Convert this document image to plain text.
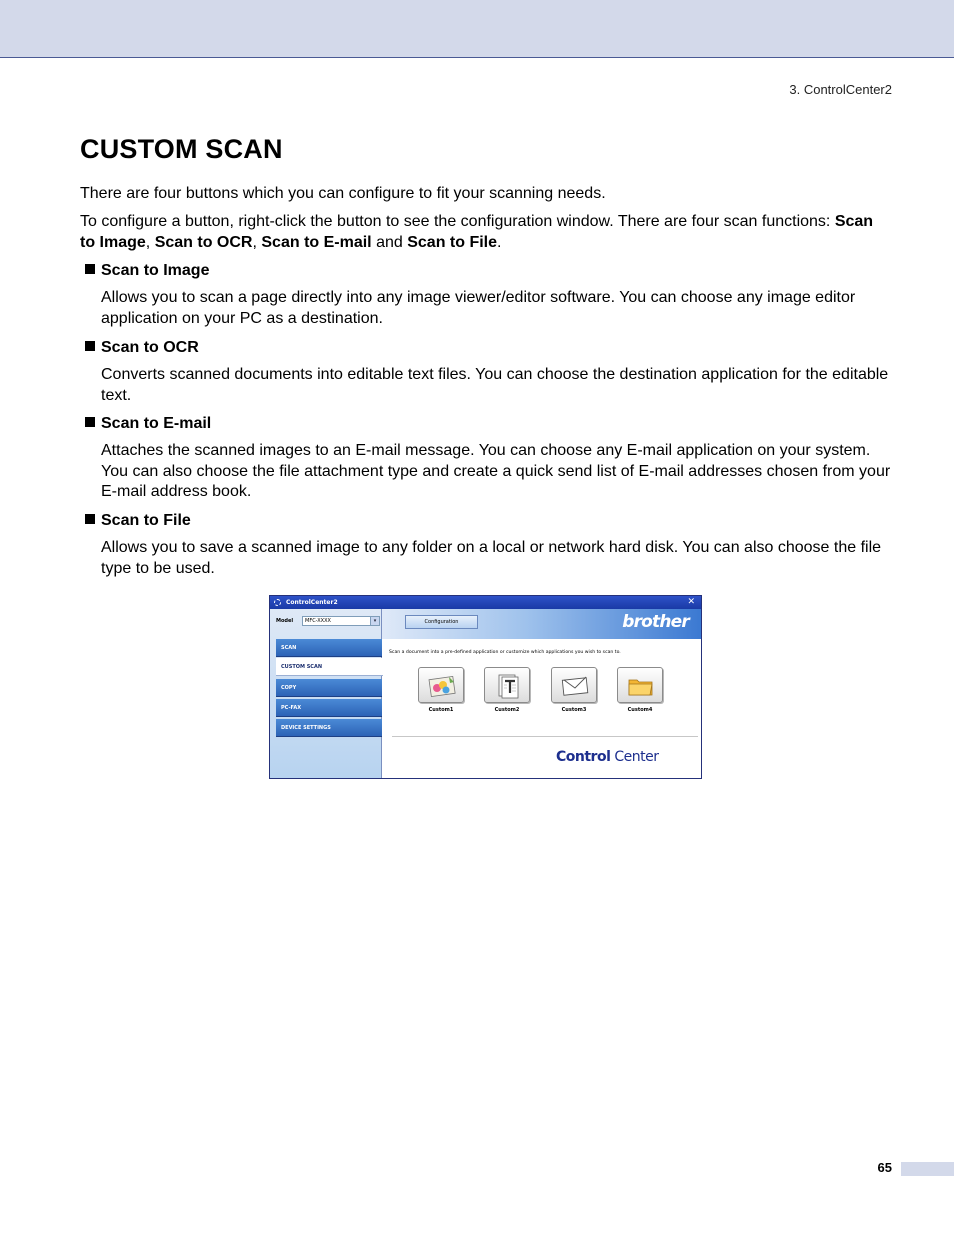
3. ControlCenter2
CUSTOM SCAN

There are four buttons which you can configure to fit your scanning needs.

To configure a button, right-click the button to see the configuration window. There are four scan functions: Scan to Image, Scan to OCR, Scan to E-mail and Scan to File.

Scan to Image

Allows you to scan a page directly into any image viewer/editor software. You can choose any image editor application on your PC as a destination.

Scan to OCR

Converts scanned documents into editable text files. You can choose the destination application for the editable text.

Scan to E-mail

Attaches the scanned images to an E-mail message. You can choose any E-mail application on your system. You can also choose the file attachment type and create a quick send list of E-mail addresses chosen from your E-mail address book.

Scan to File

Allows you to save a scanned image to any folder on a local or network hard disk. You can also choose the file type to be used.

ControlCenter2	✕
Model	MFC-XXXX	▾
SCAN
CUSTOM SCAN
COPY
PC-FAX
DEVICE SETTINGS
Configuration	brother
Scan a document into a pre-defined application or customize which applications you wish to scan to.
Custom1	Custom2	Custom3	Custom4
Control Center
65
